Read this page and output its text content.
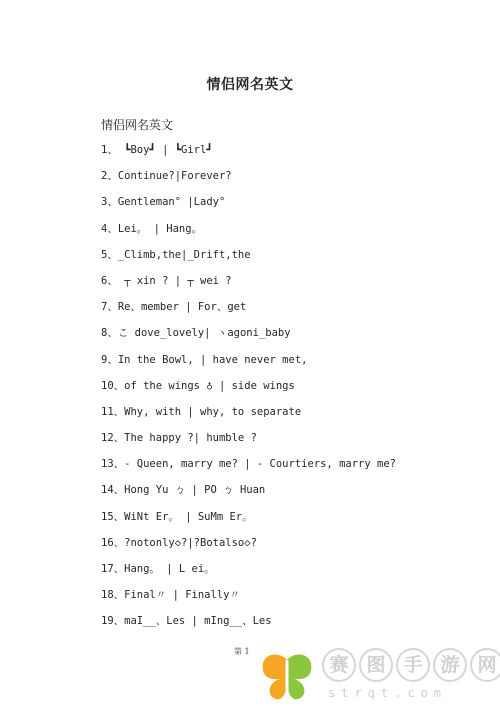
情侣网名英文
情侣网名英文
1、 ┗Boy┛ | ┗Girl┛
2、Continue?|Forever?
3、Gentleman° |Lady°
4、Lei。 | Hang。
5、_Climb,the|_Drift,the
6、 ┬ xin ? | ┬ wei ?
7、Re、member | For、get
8、こ dove_lovely| ヽagoni_baby
9、In the Bowl, | have never met,
10、of the wings ♁ | side wings
11、Why, with | why, to separate
12、The happy ?| humble ?
13、- Queen, marry me? | - Courtiers, marry me?
14、Hong Yu ㄅ | PO ㄅ Huan
15、WiNt Er。 | SuMm Er。
16、?notonly◇?|?Botalso◇?
17、Hang。 | L ei。
18、Final〃 | Finally〃
19、maI__、Les | mIng__、Les
第 1
赛 图 手 游 网
strqt.com
